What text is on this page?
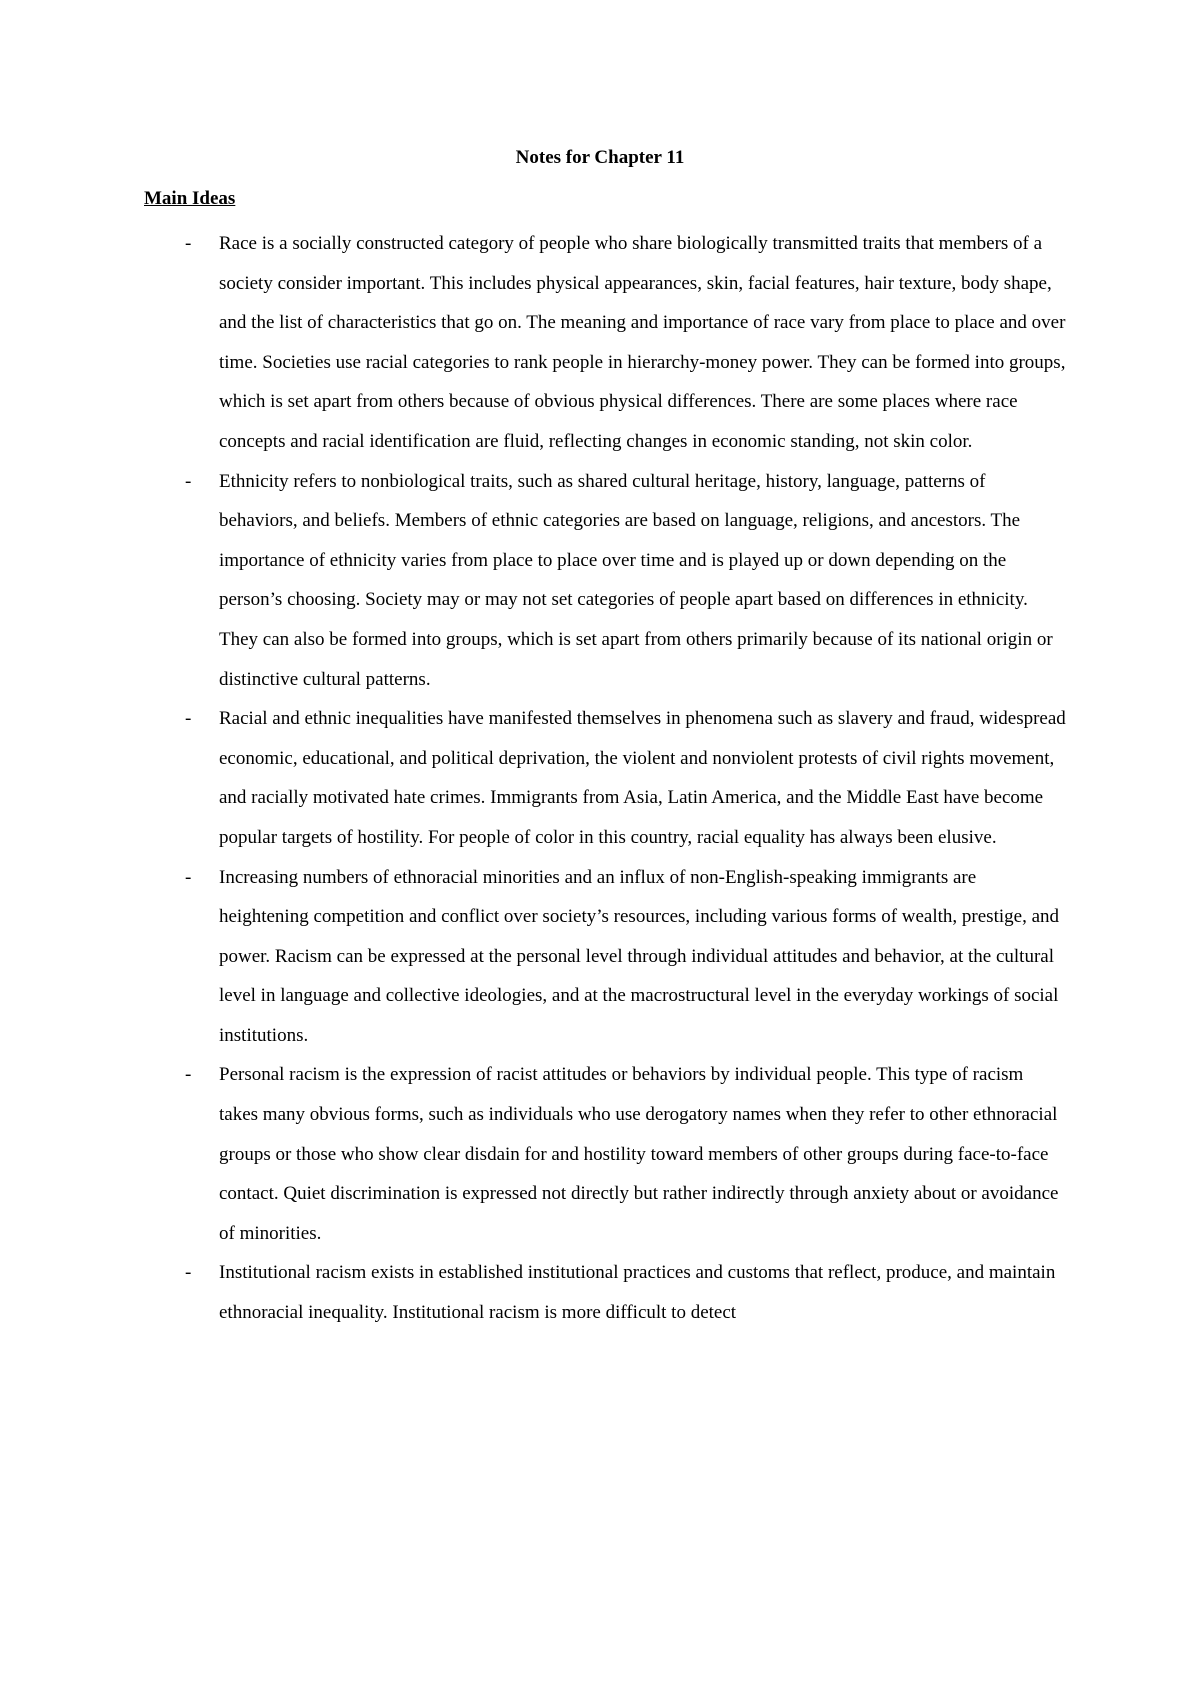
Notes for Chapter 11
Main Ideas
- Race is a socially constructed category of people who share biologically transmitted traits that members of a society consider important. This includes physical appearances, skin, facial features, hair texture, body shape, and the list of characteristics that go on. The meaning and importance of race vary from place to place and over time. Societies use racial categories to rank people in hierarchy-money power. They can be formed into groups, which is set apart from others because of obvious physical differences. There are some places where race concepts and racial identification are fluid, reflecting changes in economic standing, not skin color.
- Ethnicity refers to nonbiological traits, such as shared cultural heritage, history, language, patterns of behaviors, and beliefs. Members of ethnic categories are based on language, religions, and ancestors. The importance of ethnicity varies from place to place over time and is played up or down depending on the person’s choosing. Society may or may not set categories of people apart based on differences in ethnicity. They can also be formed into groups, which is set apart from others primarily because of its national origin or distinctive cultural patterns.
- Racial and ethnic inequalities have manifested themselves in phenomena such as slavery and fraud, widespread economic, educational, and political deprivation, the violent and nonviolent protests of civil rights movement, and racially motivated hate crimes. Immigrants from Asia, Latin America, and the Middle East have become popular targets of hostility. For people of color in this country, racial equality has always been elusive.
- Increasing numbers of ethnoracial minorities and an influx of non-English-speaking immigrants are heightening competition and conflict over society’s resources, including various forms of wealth, prestige, and power. Racism can be expressed at the personal level through individual attitudes and behavior, at the cultural level in language and collective ideologies, and at the macrostructural level in the everyday workings of social institutions.
- Personal racism is the expression of racist attitudes or behaviors by individual people. This type of racism takes many obvious forms, such as individuals who use derogatory names when they refer to other ethnoracial groups or those who show clear disdain for and hostility toward members of other groups during face-to-face contact. Quiet discrimination is expressed not directly but rather indirectly through anxiety about or avoidance of minorities.
- Institutional racism exists in established institutional practices and customs that reflect, produce, and maintain ethnoracial inequality. Institutional racism is more difficult to detect
